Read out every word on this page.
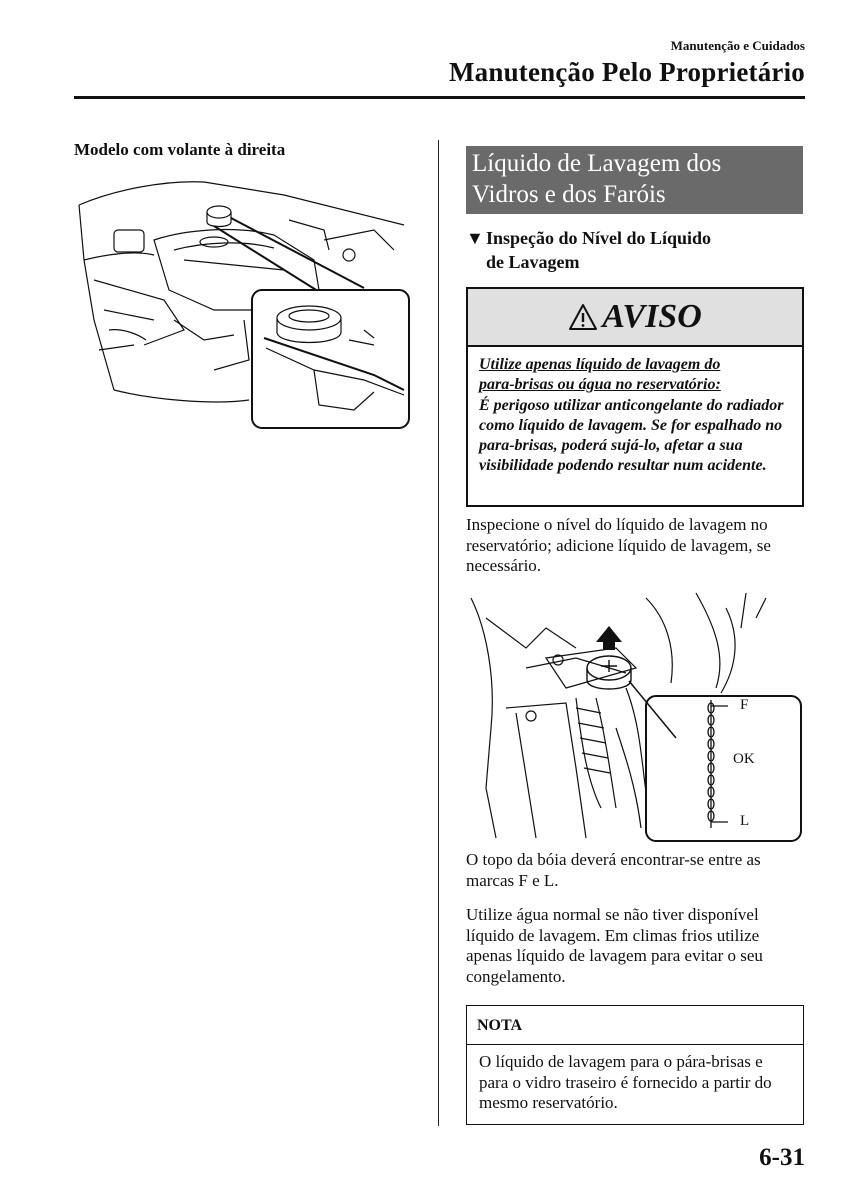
Manutenção e Cuidados
Manutenção Pelo Proprietário
Modelo com volante à direita
Líquido de Lavagem dos
Vidros e dos Faróis
▼ Inspeção do Nível do Líquido
de Lavagem
AVISO
Utilize apenas líquido de lavagem do
para-brisas ou água no reservatório:
É perigoso utilizar anticongelante do radiador como líquido de lavagem. Se for espalhado no para-brisas, poderá sujá-lo, afetar a sua visibilidade podendo resultar num acidente.
Inspecione o nível do líquido de lavagem no reservatório; adicione líquido de lavagem, se necessário.
F
OK
L
O topo da bóia deverá encontrar-se entre as marcas F e L.
Utilize água normal se não tiver disponível líquido de lavagem. Em climas frios utilize apenas líquido de lavagem para evitar o seu congelamento.
NOTA
O líquido de lavagem para o pára-brisas e para o vidro traseiro é fornecido a partir do mesmo reservatório.
6-31
